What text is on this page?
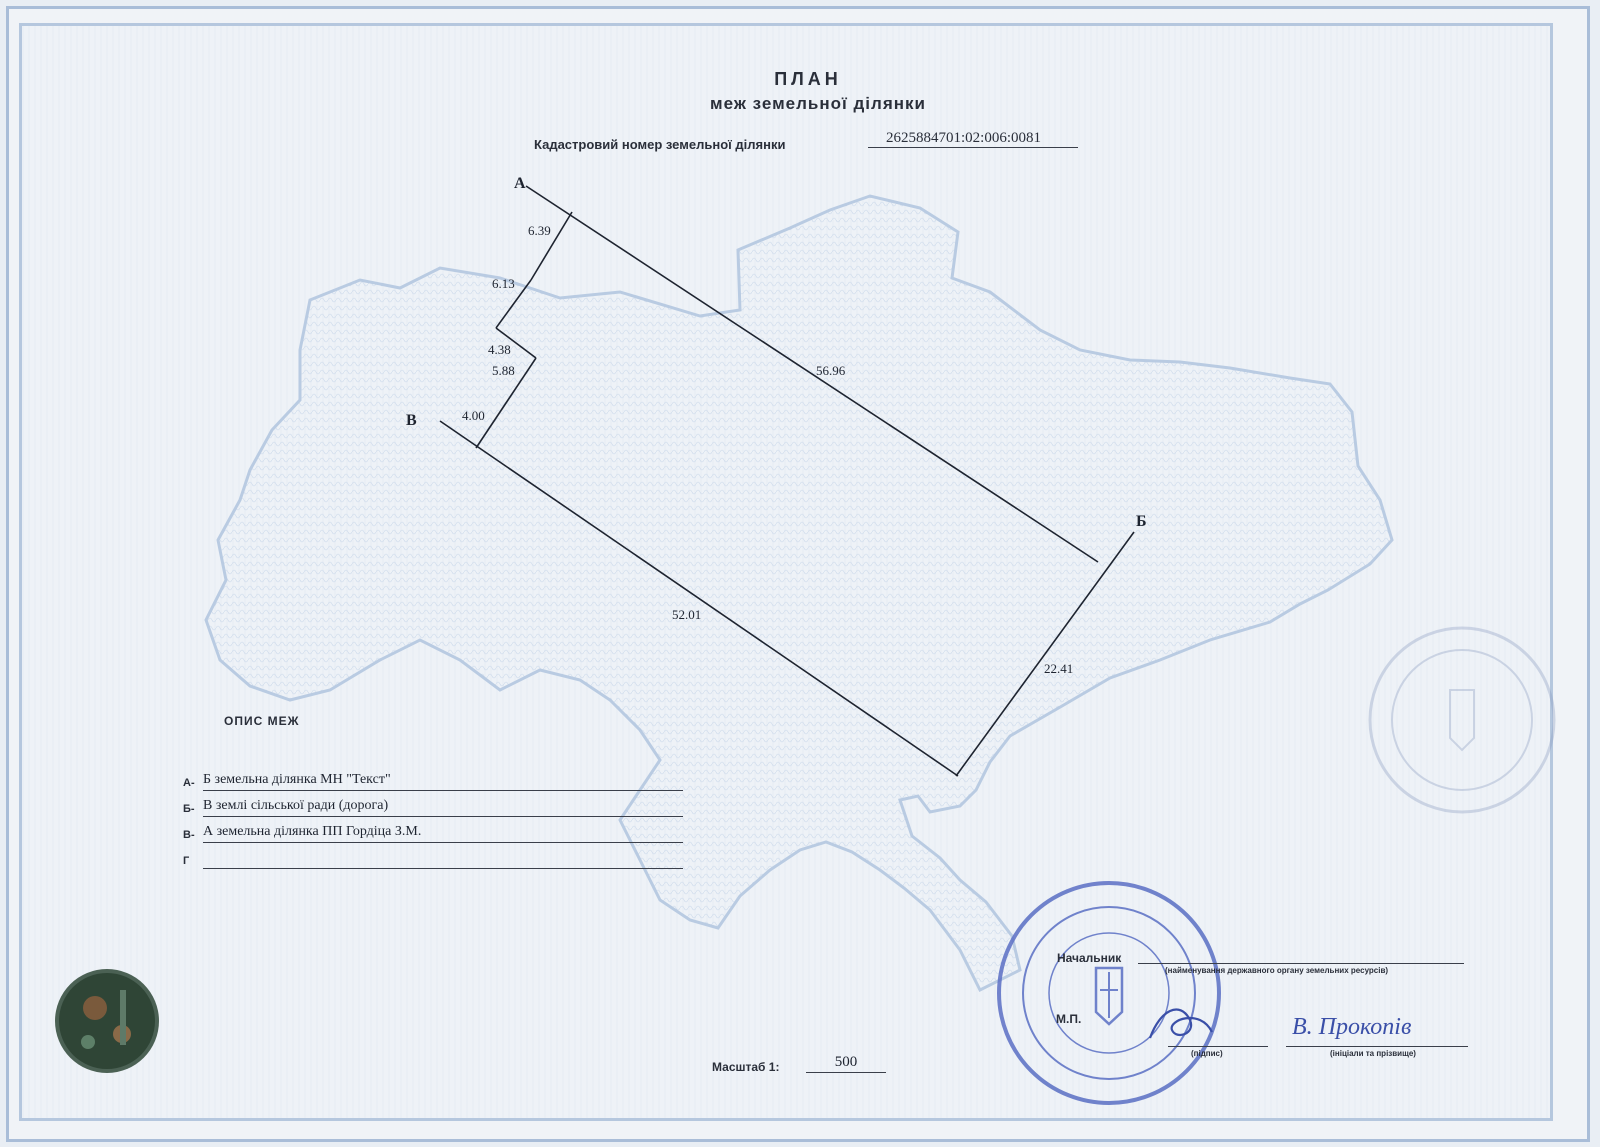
А
Б
В
6.39
6.13
4.38
5.88
4.00
56.96
52.01
22.41
В. Прокопів
ПЛАН
меж земельної ділянки
Кадастровий номер земельної ділянки	2625884701:02:006:0081
ОПИС МЕЖ
А- Б земельна ділянка МН "Текст"
Б- В землі сільської ради (дорога)
В- А земельна ділянка ПП Гордіца З.М.
Г
Масштаб 1:	500
Начальник
(найменування державного органу земельних ресурсів)
М.П.
(підпис)	(ініціали та прізвище)
